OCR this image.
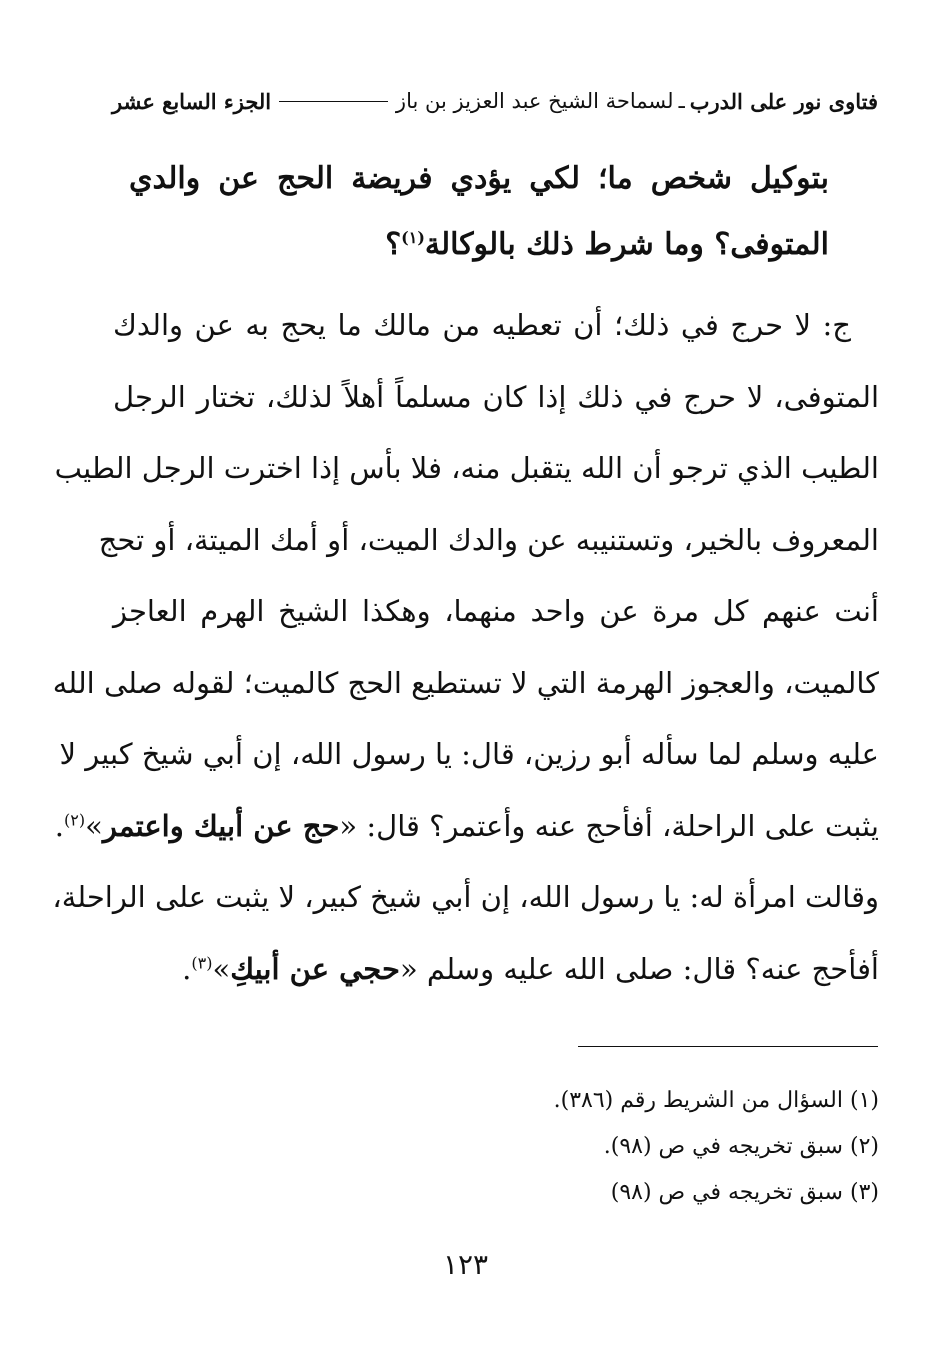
فتاوى نور على الدرب
ـ
لسماحة الشيخ عبد العزيز بن باز
الجزء السابع عشر
بتوكيل شخص ما؛ لكي يؤدي فريضة الحج عن والدي
المتوفى؟ وما شرط ذلك بالوكالة$^{(١)}$؟
ج: لا حرج في ذلك؛ أن تعطيه من مالك ما يحج به عن والدك
المتوفى، لا حرج في ذلك إذا كان مسلماً أهلاً لذلك، تختار الرجل
الطيب الذي ترجو أن الله يتقبل منه، فلا بأس إذا اخترت الرجل الطيب
المعروف بالخير، وتستنيبه عن والدك الميت، أو أمك الميتة، أو تحج
أنت عنهم كل مرة عن واحد منهما، وهكذا الشيخ الهرم العاجز
كالميت، والعجوز الهرمة التي لا تستطيع الحج كالميت؛ لقوله صلى الله
عليه وسلم لما سأله أبو رزين، قال: يا رسول الله، إن أبي شيخ كبير لا
يثبت على الراحلة، أفأحج عنه وأعتمر؟ قال: «حج عن أبيك واعتمر»$^{(٢)}$.
وقالت امرأة له: يا رسول الله، إن أبي شيخ كبير، لا يثبت على الراحلة،
أفأحج عنه؟ قال: صلى الله عليه وسلم «حجي عن أبيكِ»$^{(٣)}$.
(١) السؤال من الشريط رقم (٣٨٦).
(٢) سبق تخريجه في ص (٩٨).
(٣) سبق تخريجه في ص (٩٨)
١٢٣
